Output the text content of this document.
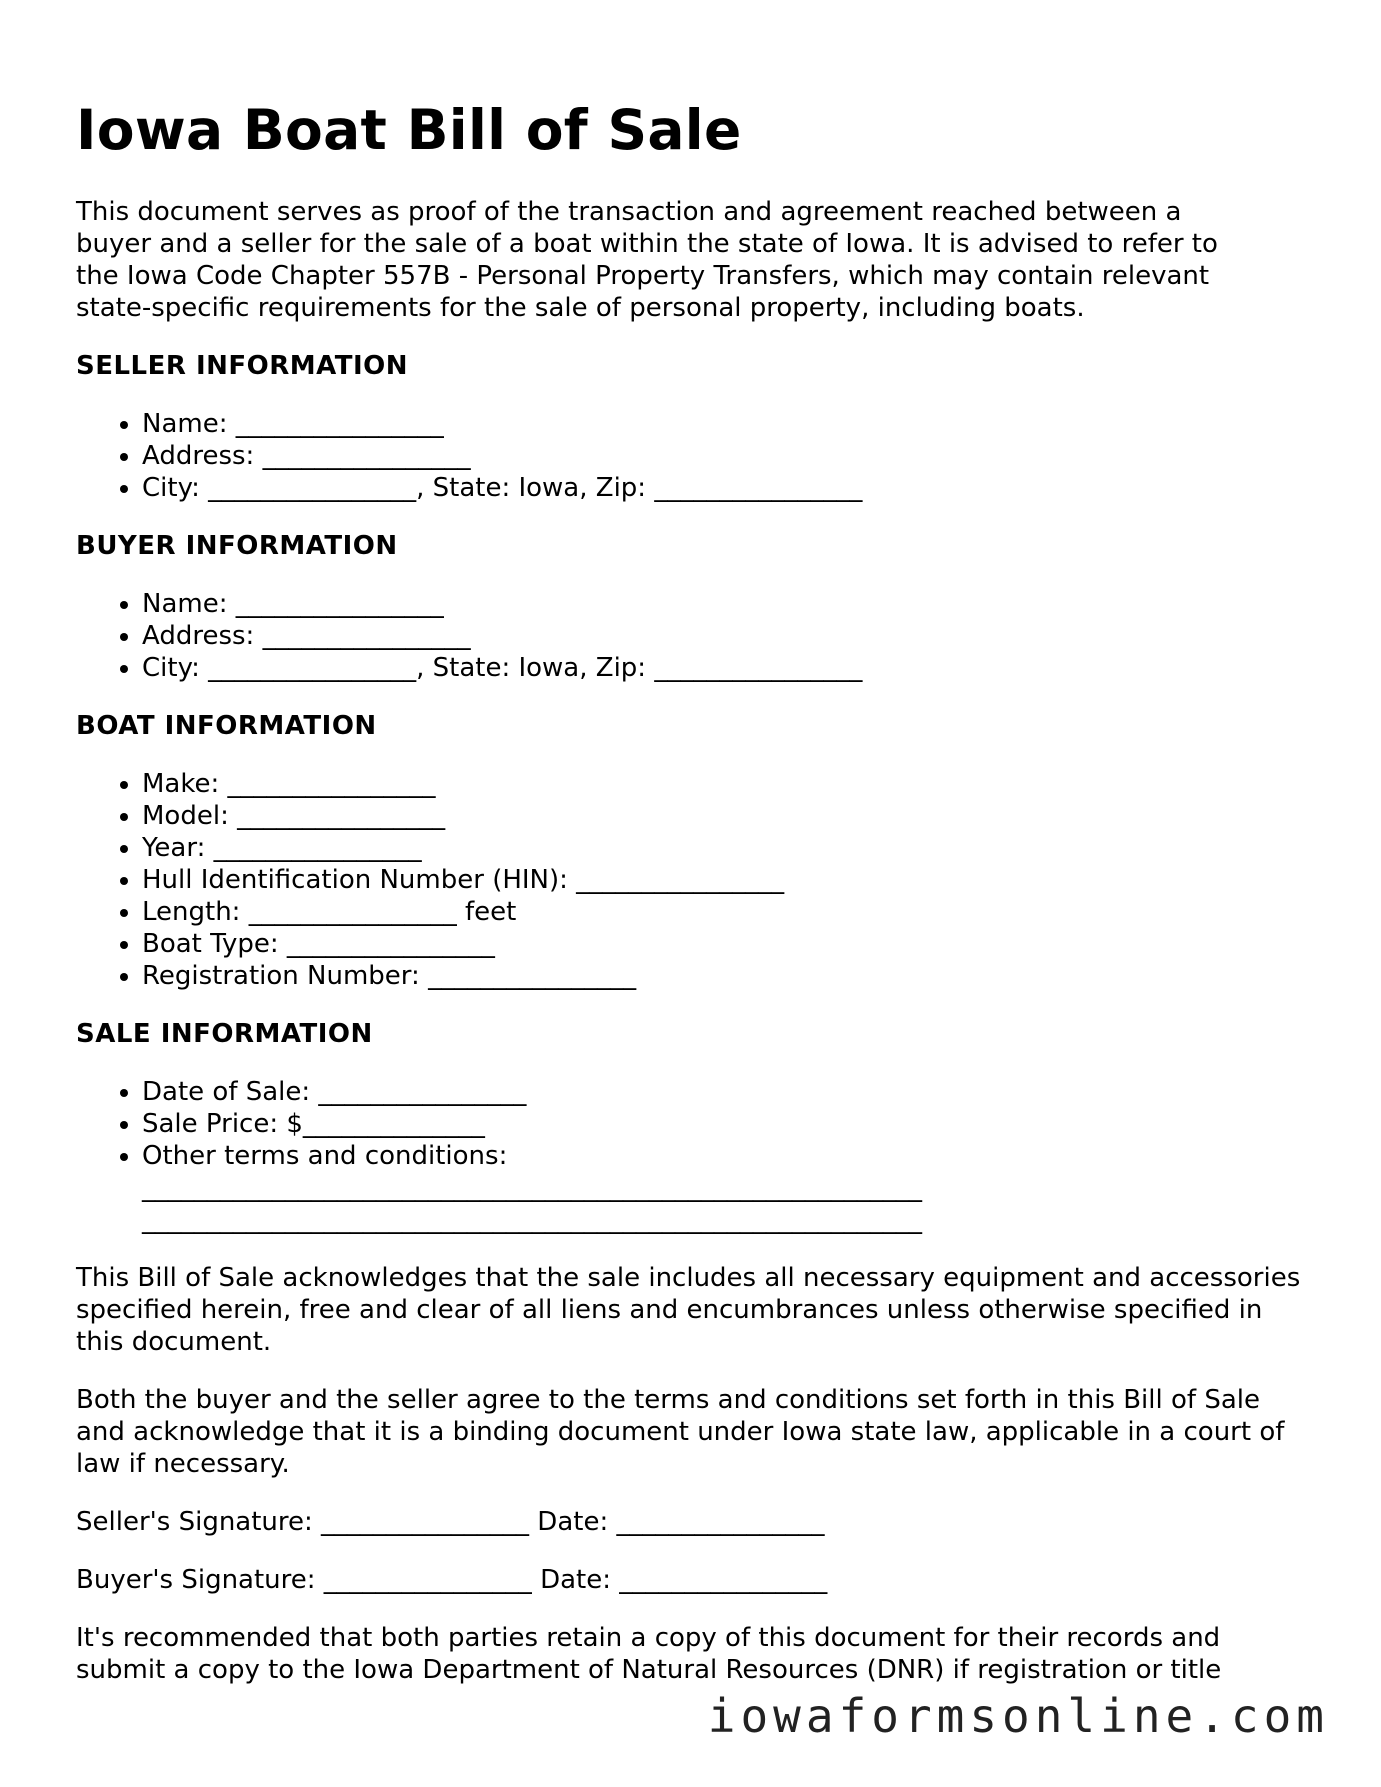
Iowa Boat Bill of Sale

This document serves as proof of the transaction and agreement reached between a buyer and a seller for the sale of a boat within the state of Iowa. It is advised to refer to the Iowa Code Chapter 557B - Personal Property Transfers, which may contain relevant state-specific requirements for the sale of personal property, including boats.

SELLER INFORMATION
• Name: ________________
• Address: ________________
• City: ________________, State: Iowa, Zip: ________________
BUYER INFORMATION
• Name: ________________
• Address: ________________
• City: ________________, State: Iowa, Zip: ________________
BOAT INFORMATION
• Make: ________________
• Model: ________________
• Year: ________________
• Hull Identification Number (HIN): ________________
• Length: ________________ feet
• Boat Type: ________________
• Registration Number: ________________
SALE INFORMATION
• Date of Sale: ________________
• Sale Price: $______________
• Other terms and conditions:
____________________________________________________________
____________________________________________________________

This Bill of Sale acknowledges that the sale includes all necessary equipment and accessories specified herein, free and clear of all liens and encumbrances unless otherwise specified in this document.

Both the buyer and the seller agree to the terms and conditions set forth in this Bill of Sale and acknowledge that it is a binding document under Iowa state law, applicable in a court of law if necessary.

Seller's Signature: ________________ Date: ________________

Buyer's Signature: ________________ Date: ________________

It's recommended that both parties retain a copy of this document for their records and submit a copy to the Iowa Department of Natural Resources (DNR) if registration or title

iowaformsonline.com
